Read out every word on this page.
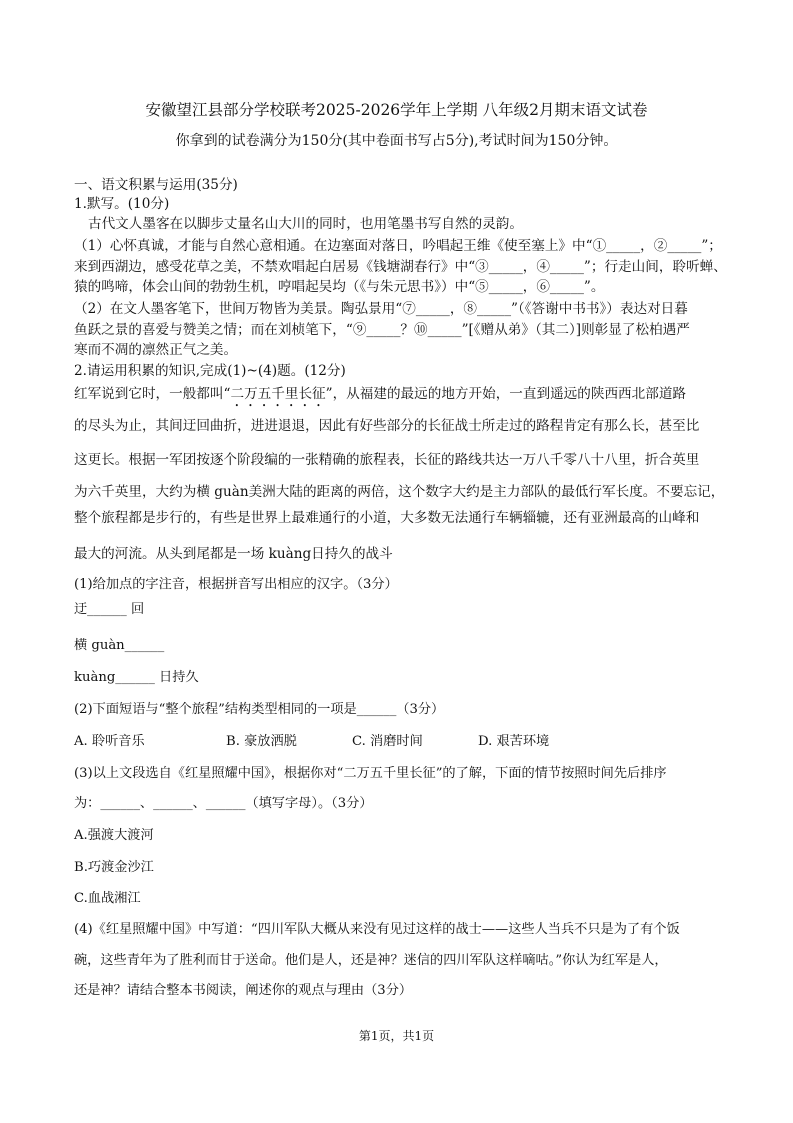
安徽望江县部分学校联考2025-2026学年上学期 八年级2月期末语文试卷
你拿到的试卷满分为150分(其中卷面书写占5分),考试时间为150分钟。
一、语文积累与运用(35分)
1.默写。(10分)
古代文人墨客在以脚步丈量名山大川的同时，也用笔墨书写自然的灵韵。
（1）心怀真诚，才能与自然心意相通。在边塞面对落日，吟唱起王维《使至塞上》中“①_____，②_____”；
来到西湖边，感受花草之美，不禁欢唱起白居易《钱塘湖春行》中“③_____，④_____”；行走山间，聆听蝉、
猿的鸣啼，体会山间的勃勃生机，哼唱起吴均（《与朱元思书》）中“⑤_____，⑥_____”。
（2）在文人墨客笔下，世间万物皆为美景。陶弘景用“⑦_____，⑧_____”（《答谢中书书》）表达对日暮
鱼跃之景的喜爱与赞美之情；而在刘桢笔下，“⑨_____？⑩_____”[《赠从弟》（其二）]则彰显了松柏遇严
寒而不凋的凛然正气之美。
2.请运用积累的知识,完成(1)~(4)题。(12分)
红军说到它时，一般都叫“二万五千里长征”，从福建的最远的地方开始，一直到遥远的陕西西北部道路
的尽头为止，其间迂回曲折，进进退退，因此有好些部分的长征战士所走过的路程肯定有那么长，甚至比
这更长。根据一军团按逐个阶段编的一张精确的旅程表，长征的路线共达一万八千零八十八里，折合英里
为六千英里，大约为横 guàn美洲大陆的距离的两倍，这个数字大约是主力部队的最低行军长度。不要忘记，
整个旅程都是步行的，有些是世界上最难通行的小道，大多数无法通行车辆辎辘，还有亚洲最高的山峰和
最大的河流。从头到尾都是一场 kuàng日持久的战斗
(1)给加点的字注音，根据拼音写出相应的汉字。（3分）
迂______ 回
横 guàn______
kuàng______ 日持久
(2)下面短语与“整个旅程”结构类型相同的一项是______（3分）
A. 聆听音乐	B. 豪放洒脱	C. 消磨时间	D. 艰苦环境
(3)以上文段选自《红星照耀中国》，根据你对“二万五千里长征”的了解，下面的情节按照时间先后排序
为：______、______、______（填写字母）。（3分）
A.强渡大渡河
B.巧渡金沙江
C.血战湘江
(4)《红星照耀中国》中写道：“四川军队大概从来没有见过这样的战士——这些人当兵不只是为了有个饭
碗，这些青年为了胜利而甘于送命。他们是人，还是神？迷信的四川军队这样嘀咕。”你认为红军是人，
还是神？请结合整本书阅读，阐述你的观点与理由（3分）
第1页，共1页
